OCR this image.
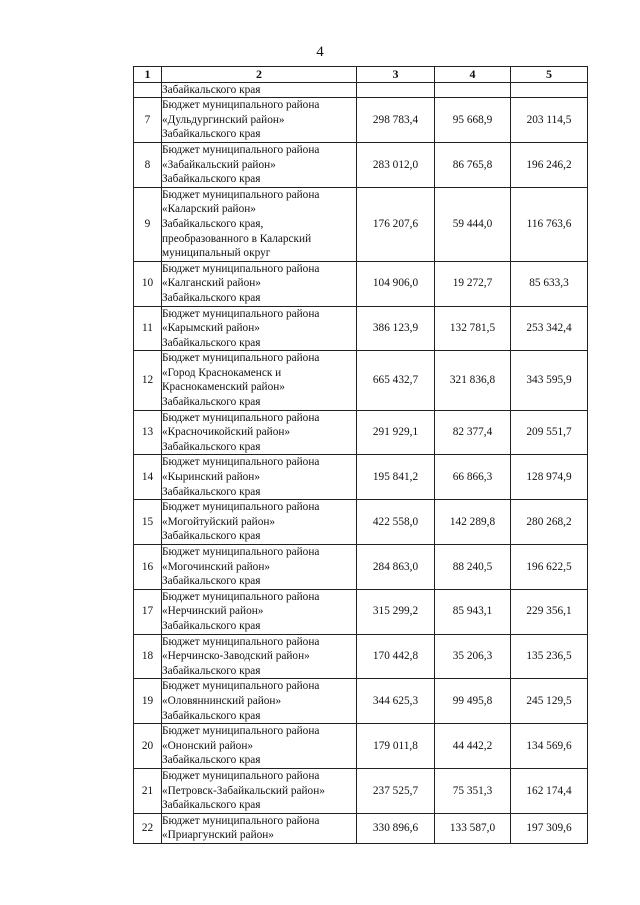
4
1	2	3	4	5

	Забайкальского края			

7	Бюджет муниципального района
«Дульдургинский район»
Забайкальского края	298 783,4	95 668,9	203 114,5
8	Бюджет муниципального района
«Забайкальский район»
Забайкальского края	283 012,0	86 765,8	196 246,2
9	Бюджет муниципального района
«Каларский район»
Забайкальского края,
преобразованного в Каларский
муниципальный округ	176 207,6	59 444,0	116 763,6
10	Бюджет муниципального района
«Калганский район»
Забайкальского края	104 906,0	19 272,7	85 633,3
11	Бюджет муниципального района
«Карымский район»
Забайкальского края	386 123,9	132 781,5	253 342,4
12	Бюджет муниципального района
«Город Краснокаменск и
Краснокаменский район»
Забайкальского края	665 432,7	321 836,8	343 595,9
13	Бюджет муниципального района
«Красночикойский район»
Забайкальского края	291 929,1	82 377,4	209 551,7
14	Бюджет муниципального района
«Кыринский район»
Забайкальского края	195 841,2	66 866,3	128 974,9
15	Бюджет муниципального района
«Могойтуйский район»
Забайкальского края	422 558,0	142 289,8	280 268,2
16	Бюджет муниципального района
«Могочинский район»
Забайкальского края	284 863,0	88 240,5	196 622,5
17	Бюджет муниципального района
«Нерчинский район»
Забайкальского края	315 299,2	85 943,1	229 356,1
18	Бюджет муниципального района
«Нерчинско-Заводский район»
Забайкальского края	170 442,8	35 206,3	135 236,5
19	Бюджет муниципального района
«Оловяннинский район»
Забайкальского края	344 625,3	99 495,8	245 129,5
20	Бюджет муниципального района
«Ононский район»
Забайкальского края	179 011,8	44 442,2	134 569,6
21	Бюджет муниципального района
«Петровск-Забайкальский район»
Забайкальского края	237 525,7	75 351,3	162 174,4
22	Бюджет муниципального района
«Приаргунский район»	330 896,6	133 587,0	197 309,6
